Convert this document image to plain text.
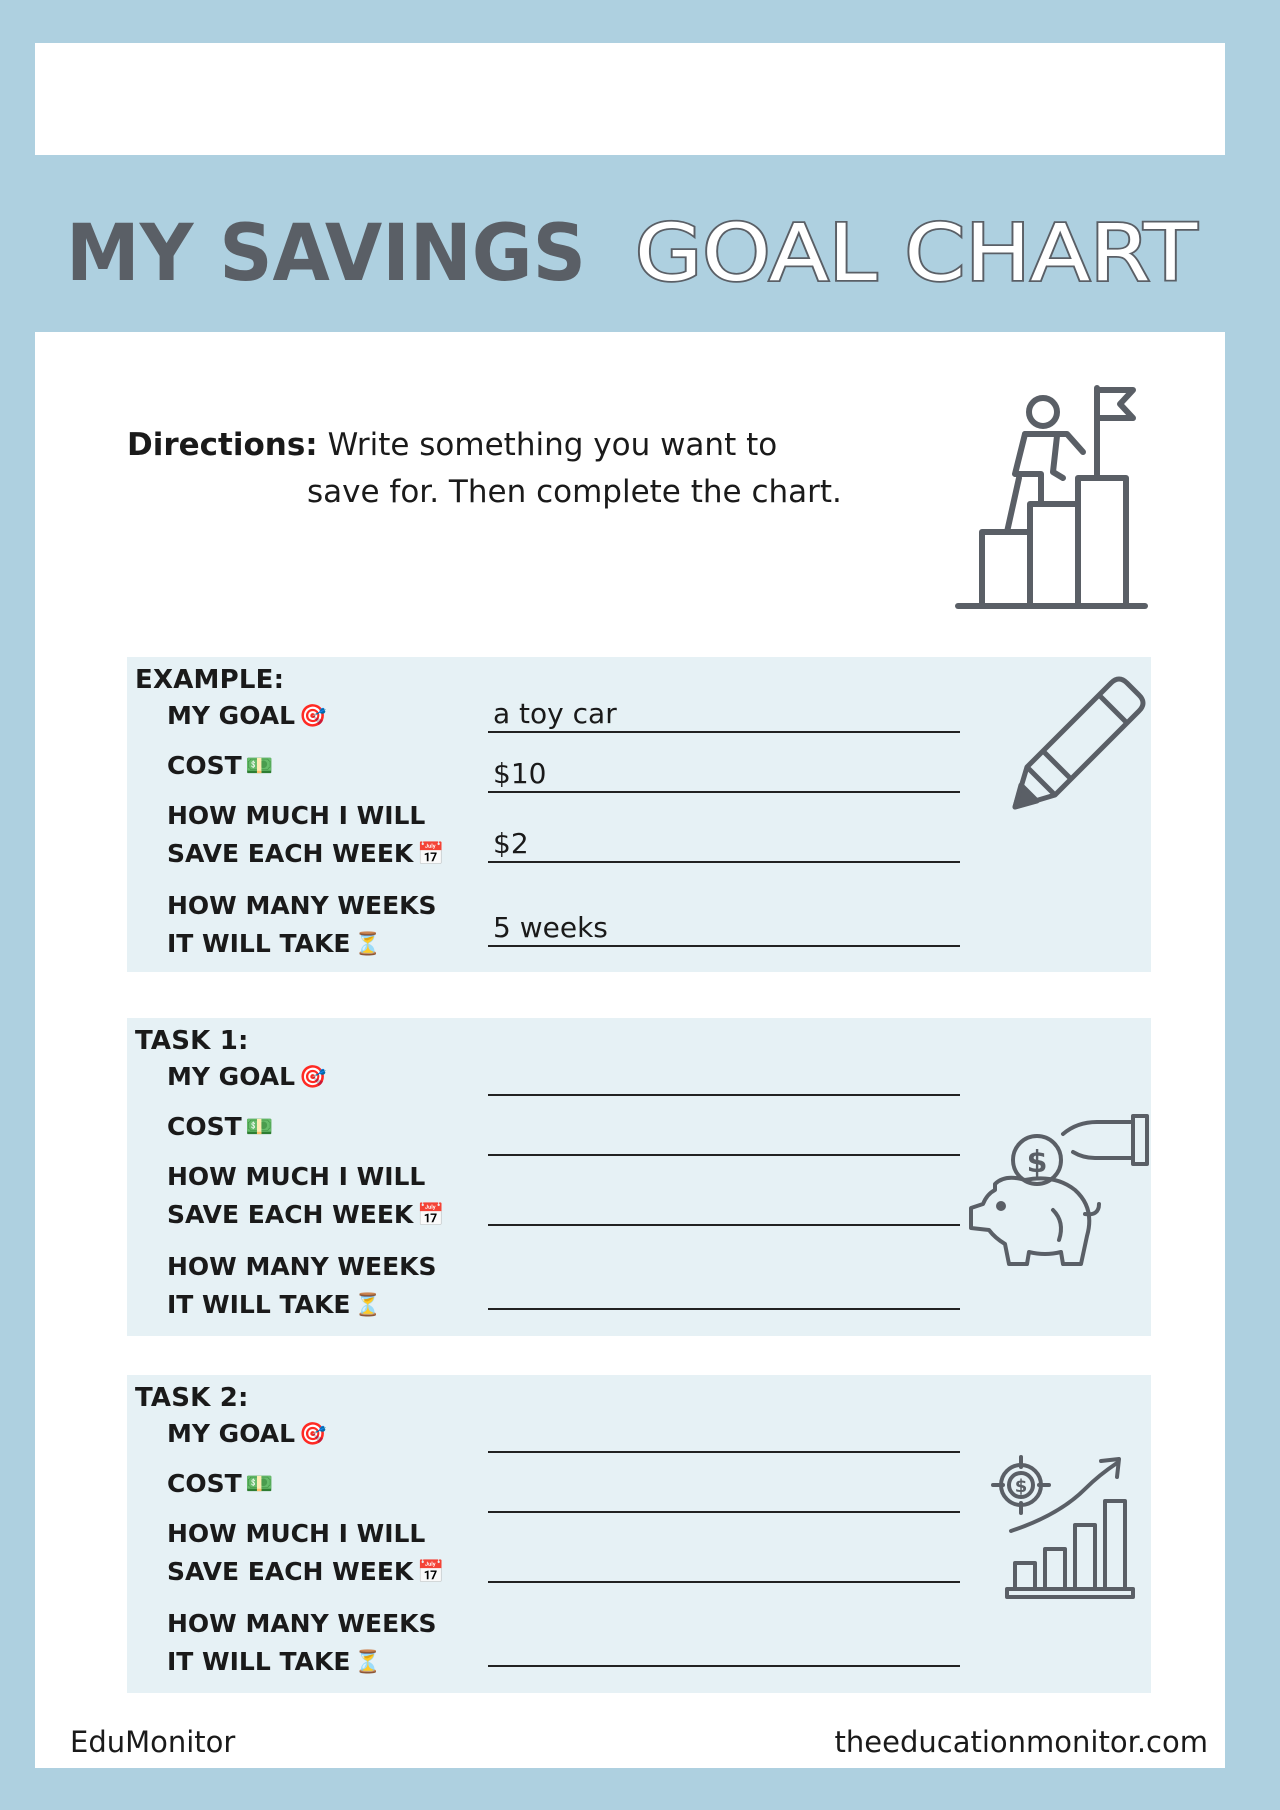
MY SAVINGS GOAL CHART
Directions: Write something you want to
save for. Then complete the chart.
EXAMPLE:
MY GOAL 🎯	a toy car
COST 💵	$10
HOW MUCH I WILL
SAVE EACH WEEK 📅 $2
HOW MANY WEEKS
IT WILL TAKE ⏳
5 weeks
TASK 1:
MY GOAL 🎯
COST 💵
HOW MUCH I WILL
SAVE EACH WEEK 📅
HOW MANY WEEKS
IT WILL TAKE ⏳
$
TASK 2:
MY GOAL 🎯
COST 💵
HOW MUCH I WILL
SAVE EACH WEEK 📅
HOW MANY WEEKS
IT WILL TAKE ⏳
$
EduMonitor	theeducationmonitor.com
